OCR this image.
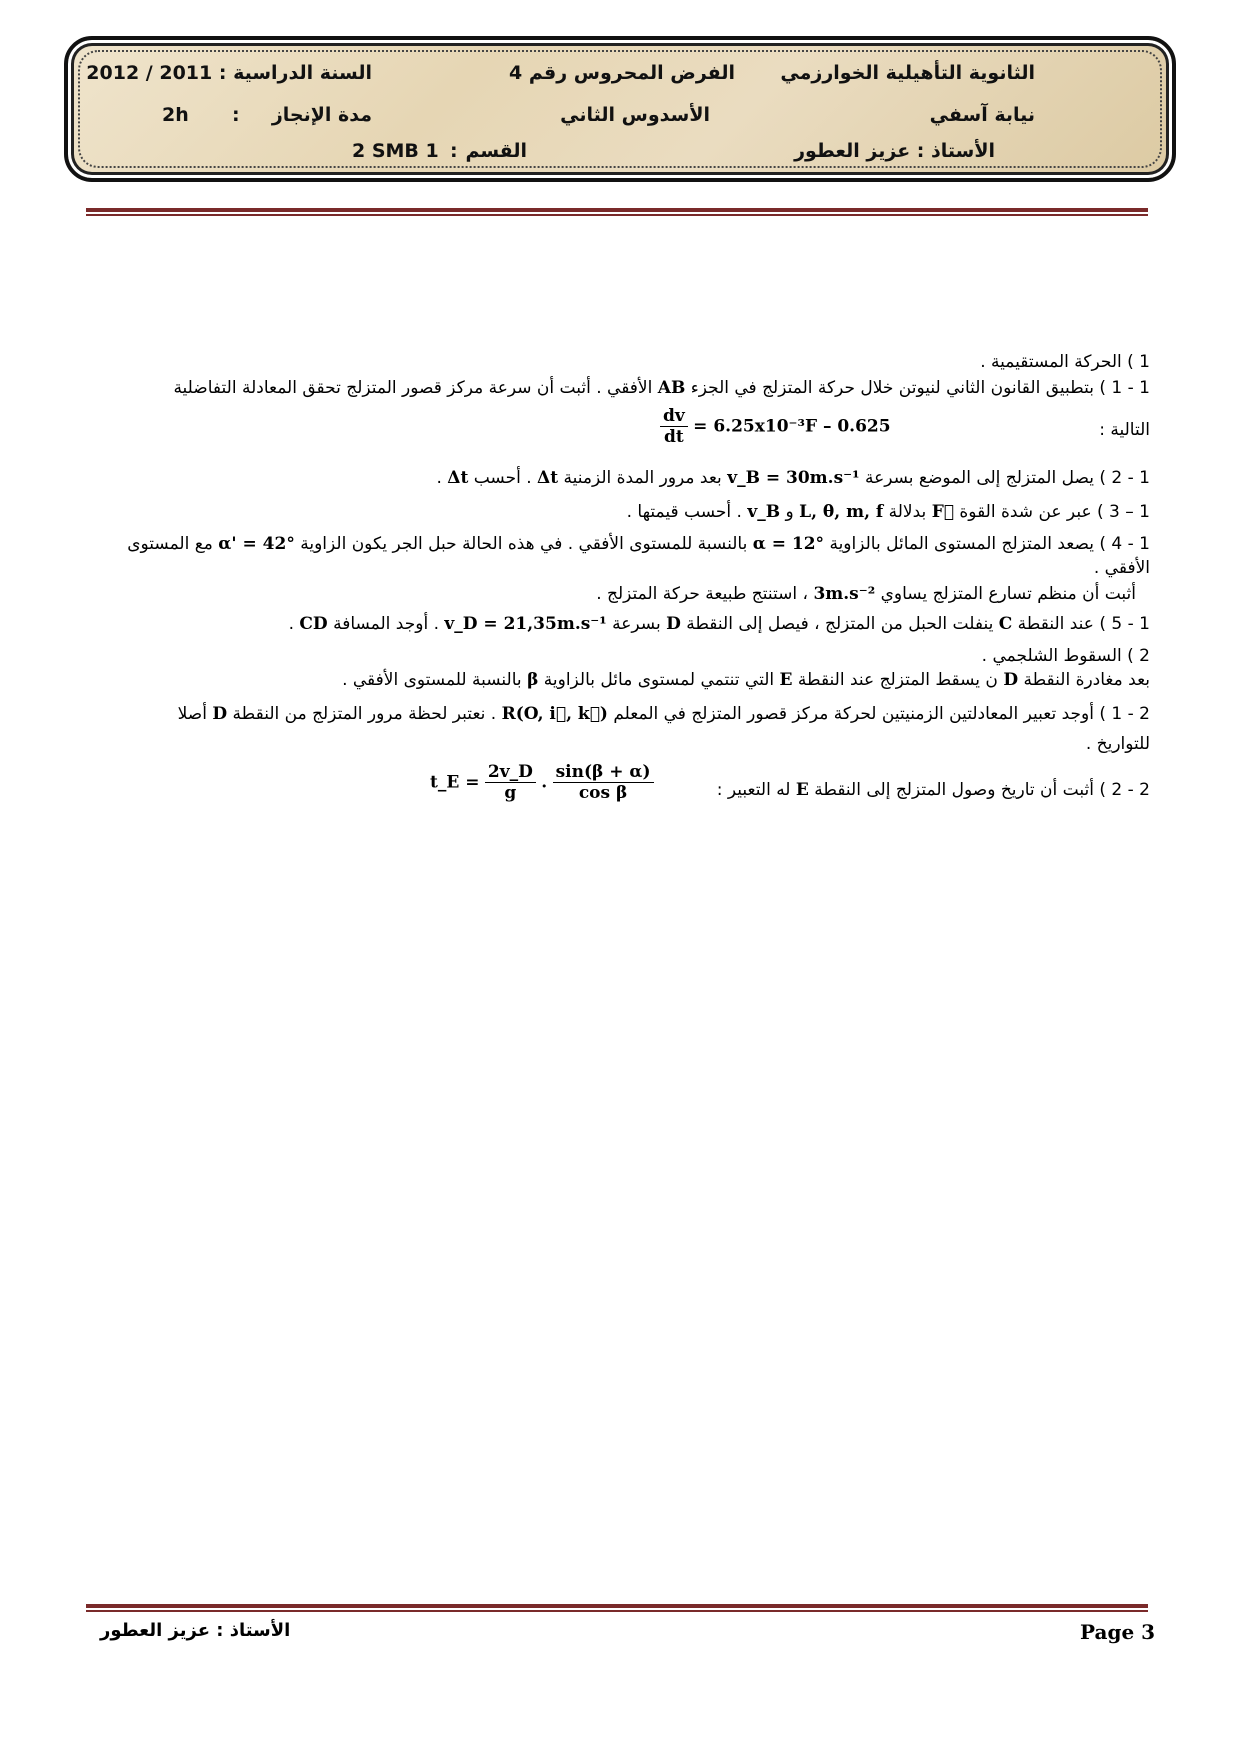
الثانوية التأهيلية الخوارزمي
نيابة آسفي
الأستاذ : عزيز العطور
الفرض المحروس رقم 4
الأسدوس الثاني
السنة الدراسية : 2011 / 2012
مدة الإنجاز
:
2h
القسم
:
2 SMB 1
1 ) الحركة المستقيمية .
1 - 1 ) بتطبيق القانون الثاني لنيوتن خلال حركة المتزلج في الجزء AB الأفقي . أثبت أن سرعة مركز قصور المتزلج تحقق المعادلة التفاضلية
التالية :
$\frac{dv}{dt} = 6.25x10^{-3}F - 0.625$
1 - 2 ) يصل المتزلج إلى الموضع بسرعة v_B = 30m.s⁻¹ بعد مرور المدة الزمنية Δt . أحسب Δt .
1 – 3 ) عبر عن شدة القوة F⃗ بدلالة L, θ, m, f و v_B . أحسب قيمتها .
1 - 4 ) يصعد المتزلج المستوى المائل بالزاوية α = 12° بالنسبة للمستوى الأفقي . في هذه الحالة حبل الجر يكون الزاوية α' = 42° مع المستوى
الأفقي .
أثبت أن منظم تسارع المتزلج يساوي 3m.s⁻² ، استنتج طبيعة حركة المتزلج .
1 - 5 ) عند النقطة C ينفلت الحبل من المتزلج ، فيصل إلى النقطة D بسرعة v_D = 21,35m.s⁻¹ . أوجد المسافة CD .
2 ) السقوط الشلجمي .
بعد مغادرة النقطة D ن يسقط المتزلج عند النقطة E التي تنتمي لمستوى مائل بالزاوية β بالنسبة للمستوى الأفقي .
2 - 1 ) أوجد تعبير المعادلتين الزمنيتين لحركة مركز قصور المتزلج في المعلم R(O, i⃗, k⃗) . نعتبر لحظة مرور المتزلج من النقطة D أصلا
للتواريخ .
2 - 2 ) أثبت أن تاريخ وصول المتزلج إلى النقطة E له التعبير :
t_E = $\frac{2v\_D}{g}$ . $\frac{\sin(\beta + \alpha)}{\text{cos β}}$
Page 3
الأستاذ : عزيز العطور
